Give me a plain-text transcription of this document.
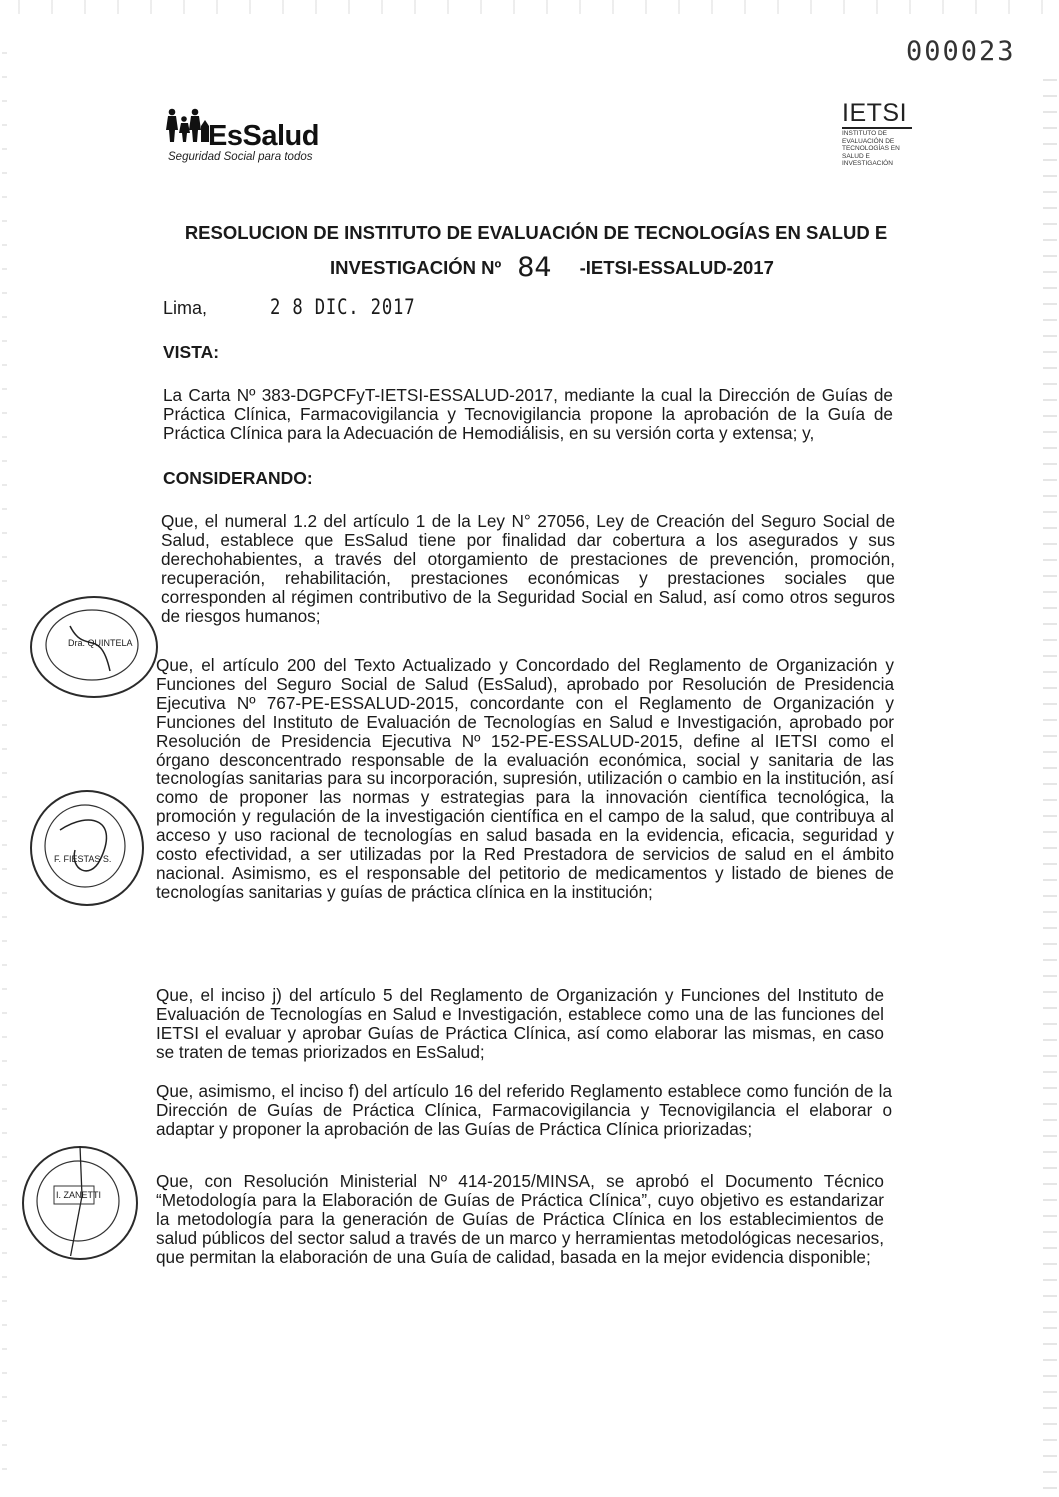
000023
EsSalud
Seguridad Social para todos
IETSI
INSTITUTO DE EVALUACIÓN DE TECNOLOGÍAS EN SALUD E INVESTIGACIÓN
RESOLUCION DE INSTITUTO DE EVALUACIÓN DE TECNOLOGÍAS EN SALUD E
INVESTIGACIÓN Nº 84 -IETSI-ESSALUD-2017
Lima,	2 8 DIC. 2017
VISTA:
La Carta Nº 383-DGPCFyT-IETSI-ESSALUD-2017, mediante la cual la Dirección de Guías de Práctica Clínica, Farmacovigilancia y Tecnovigilancia propone la aprobación de la Guía de Práctica Clínica para la Adecuación de Hemodiálisis, en su versión corta y extensa; y,
CONSIDERANDO:
Que, el numeral 1.2 del artículo 1 de la Ley N° 27056, Ley de Creación del Seguro Social de Salud, establece que EsSalud tiene por finalidad dar cobertura a los asegurados y sus derechohabientes, a través del otorgamiento de prestaciones de prevención, promoción, recuperación, rehabilitación, prestaciones económicas y prestaciones sociales que corresponden al régimen contributivo de la Seguridad Social en Salud, así como otros seguros de riesgos humanos;
Que, el artículo 200 del Texto Actualizado y Concordado del Reglamento de Organización y Funciones del Seguro Social de Salud (EsSalud), aprobado por Resolución de Presidencia Ejecutiva Nº 767-PE-ESSALUD-2015, concordante con el Reglamento de Organización y Funciones del Instituto de Evaluación de Tecnologías en Salud e Investigación, aprobado por Resolución de Presidencia Ejecutiva Nº 152-PE-ESSALUD-2015, define al IETSI como el órgano desconcentrado responsable de la evaluación económica, social y sanitaria de las tecnologías sanitarias para su incorporación, supresión, utilización o cambio en la institución, así como de proponer las normas y estrategias para la innovación científica tecnológica, la promoción y regulación de la investigación científica en el campo de la salud, que contribuya al acceso y uso racional de tecnologías en salud basada en la evidencia, eficacia, seguridad y costo efectividad, a ser utilizadas por la Red Prestadora de servicios de salud en el ámbito nacional. Asimismo, es el responsable del petitorio de medicamentos y listado de bienes de tecnologías sanitarias y guías de práctica clínica en la institución;
Que, el inciso j) del artículo 5 del Reglamento de Organización y Funciones del Instituto de Evaluación de Tecnologías en Salud e Investigación, establece como una de las funciones del IETSI el evaluar y aprobar Guías de Práctica Clínica, así como elaborar las mismas, en caso se traten de temas priorizados en EsSalud;
Que, asimismo, el inciso f) del artículo 16 del referido Reglamento establece como función de la Dirección de Guías de Práctica Clínica, Farmacovigilancia y Tecnovigilancia el elaborar o adaptar y proponer la aprobación de las Guías de Práctica Clínica priorizadas;
Que, con Resolución Ministerial Nº 414-2015/MINSA, se aprobó el Documento Técnico “Metodología para la Elaboración de Guías de Práctica Clínica”, cuyo objetivo es estandarizar la metodología para la generación de Guías de Práctica Clínica en los establecimientos de salud públicos del sector salud a través de un marco y herramientas metodológicas necesarios, que permitan la elaboración de una Guía de calidad, basada en la mejor evidencia disponible;
Dra. QUINTELA
F. FIESTAS S.
I. ZANETTI
